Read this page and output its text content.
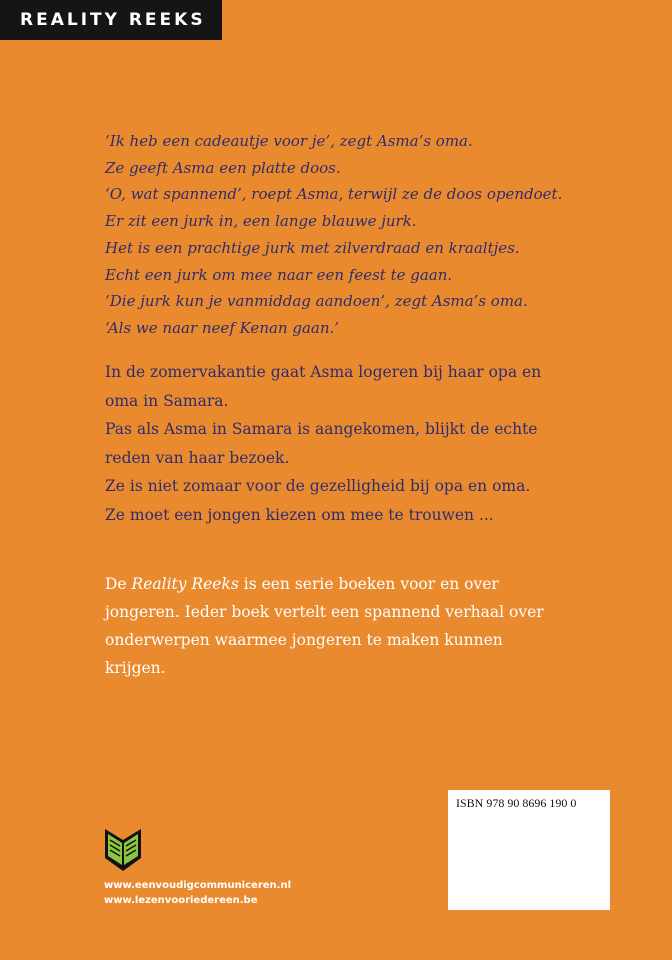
REALITY REEKS
‘Ik heb een cadeautje voor je’, zegt Asma’s oma.
Ze geeft Asma een platte doos.
‘O, wat spannend’, roept Asma, terwijl ze de doos opendoet.
Er zit een jurk in, een lange blauwe jurk.
Het is een prachtige jurk met zilverdraad en kraaltjes.
Echt een jurk om mee naar een feest te gaan.
‘Die jurk kun je vanmiddag aandoen’, zegt Asma’s oma.
‘Als we naar neef Kenan gaan.’
In de zomervakantie gaat Asma logeren bij haar opa en
oma in Samara.
Pas als Asma in Samara is aangekomen, blijkt de echte
reden van haar bezoek.
Ze is niet zomaar voor de gezelligheid bij opa en oma.
Ze moet een jongen kiezen om mee te trouwen ...
De Reality Reeks is een serie boeken voor en over
jongeren. Ieder boek vertelt een spannend verhaal over
onderwerpen waarmee jongeren te maken kunnen
krijgen.
ISBN 978 90 8696 190 0
www.eenvoudigcommuniceren.nl
www.lezenvooriedereen.be
